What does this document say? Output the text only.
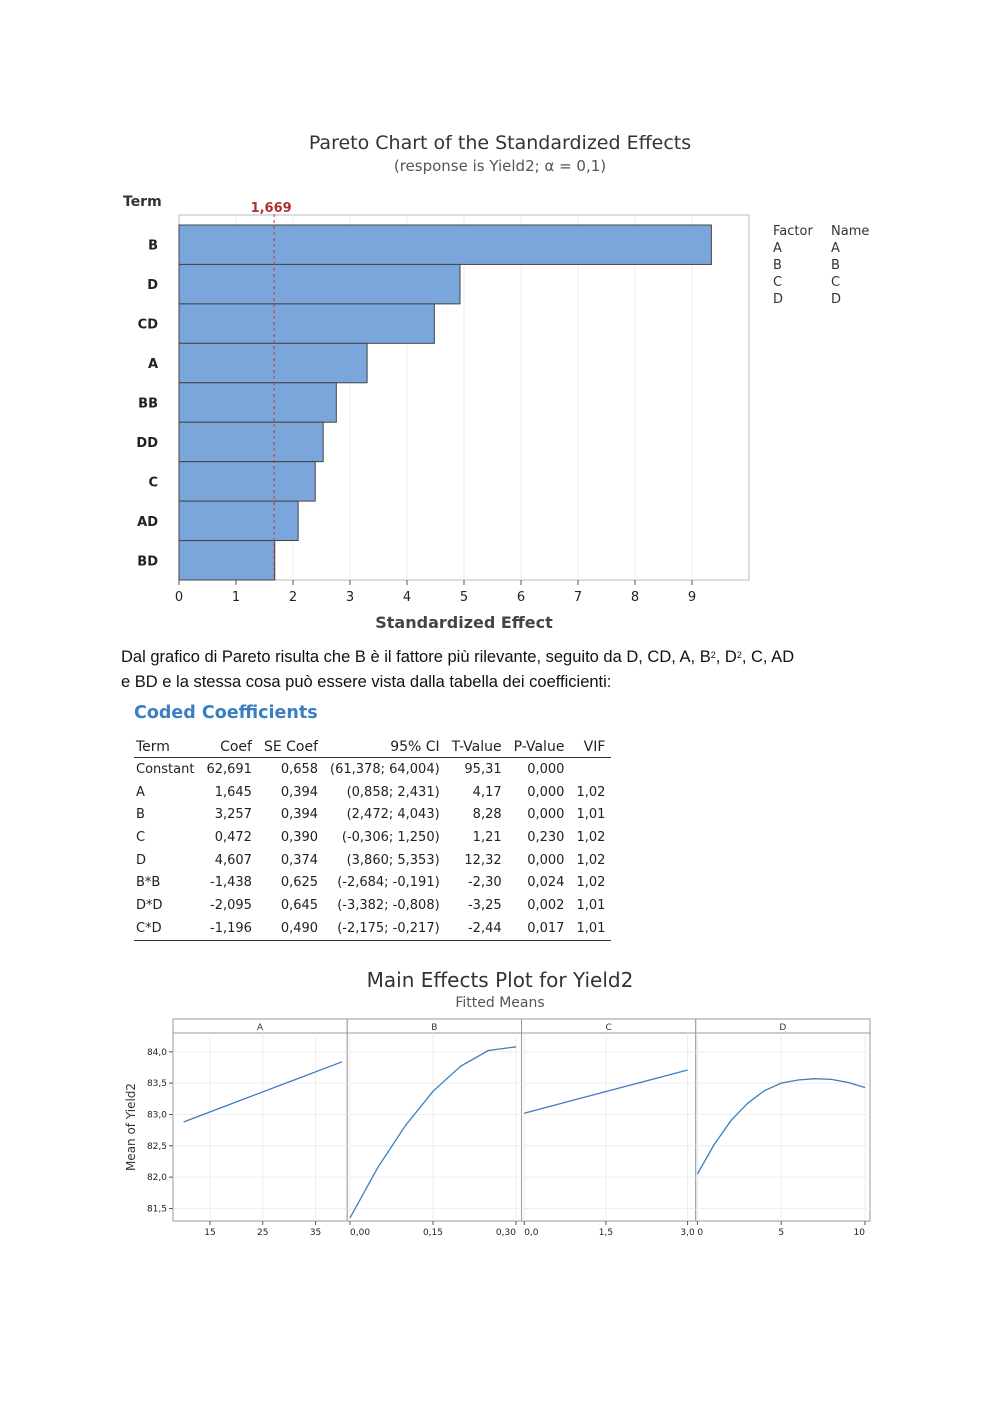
Pareto Chart of the Standardized Effects
(response is Yield2; α = 0,1)
0	1	2	3	4	5	6	7	8	9
B
D
CD
A
BB
DD
C
AD
BD
1,669
Term
Standardized Effect
Factor Name
A	A
B	B
C	C
D	D
Dal grafico di Pareto risulta che B è il fattore più rilevante, seguito da D, CD, A, $B^2$, $D^2$, C, AD
e BD e la stessa cosa può essere vista dalla tabella dei coefficienti:
Coded Coefficients
Term	Coef	SE Coef	95% CI	T-Value	P-Value	VIF
Constant	62,691	0,658	(61,378; 64,004)	95,31	0,000	
A	1,645	0,394	(0,858; 2,431)	4,17	0,000	1,02
B	3,257	0,394	(2,472; 4,043)	8,28	0,000	1,01
C	0,472	0,390	(-0,306; 1,250)	1,21	0,230	1,02
D	4,607	0,374	(3,860; 5,353)	12,32	0,000	1,02
B*B	-1,438	0,625	(-2,684; -0,191)	-2,30	0,024	1,02
D*D	-2,095	0,645	(-3,382; -0,808)	-3,25	0,002	1,01
C*D	-1,196	0,490	(-2,175; -0,217)	-2,44	0,017	1,01
Main Effects Plot for Yield2
Fitted Means
A
15	25	35
B
0,00	0,15	0,30
C
0,0	1,5	3,0
D
0	5	10
81,5
82,0
82,5
83,0
83,5
84,0
Mean of Yield2
